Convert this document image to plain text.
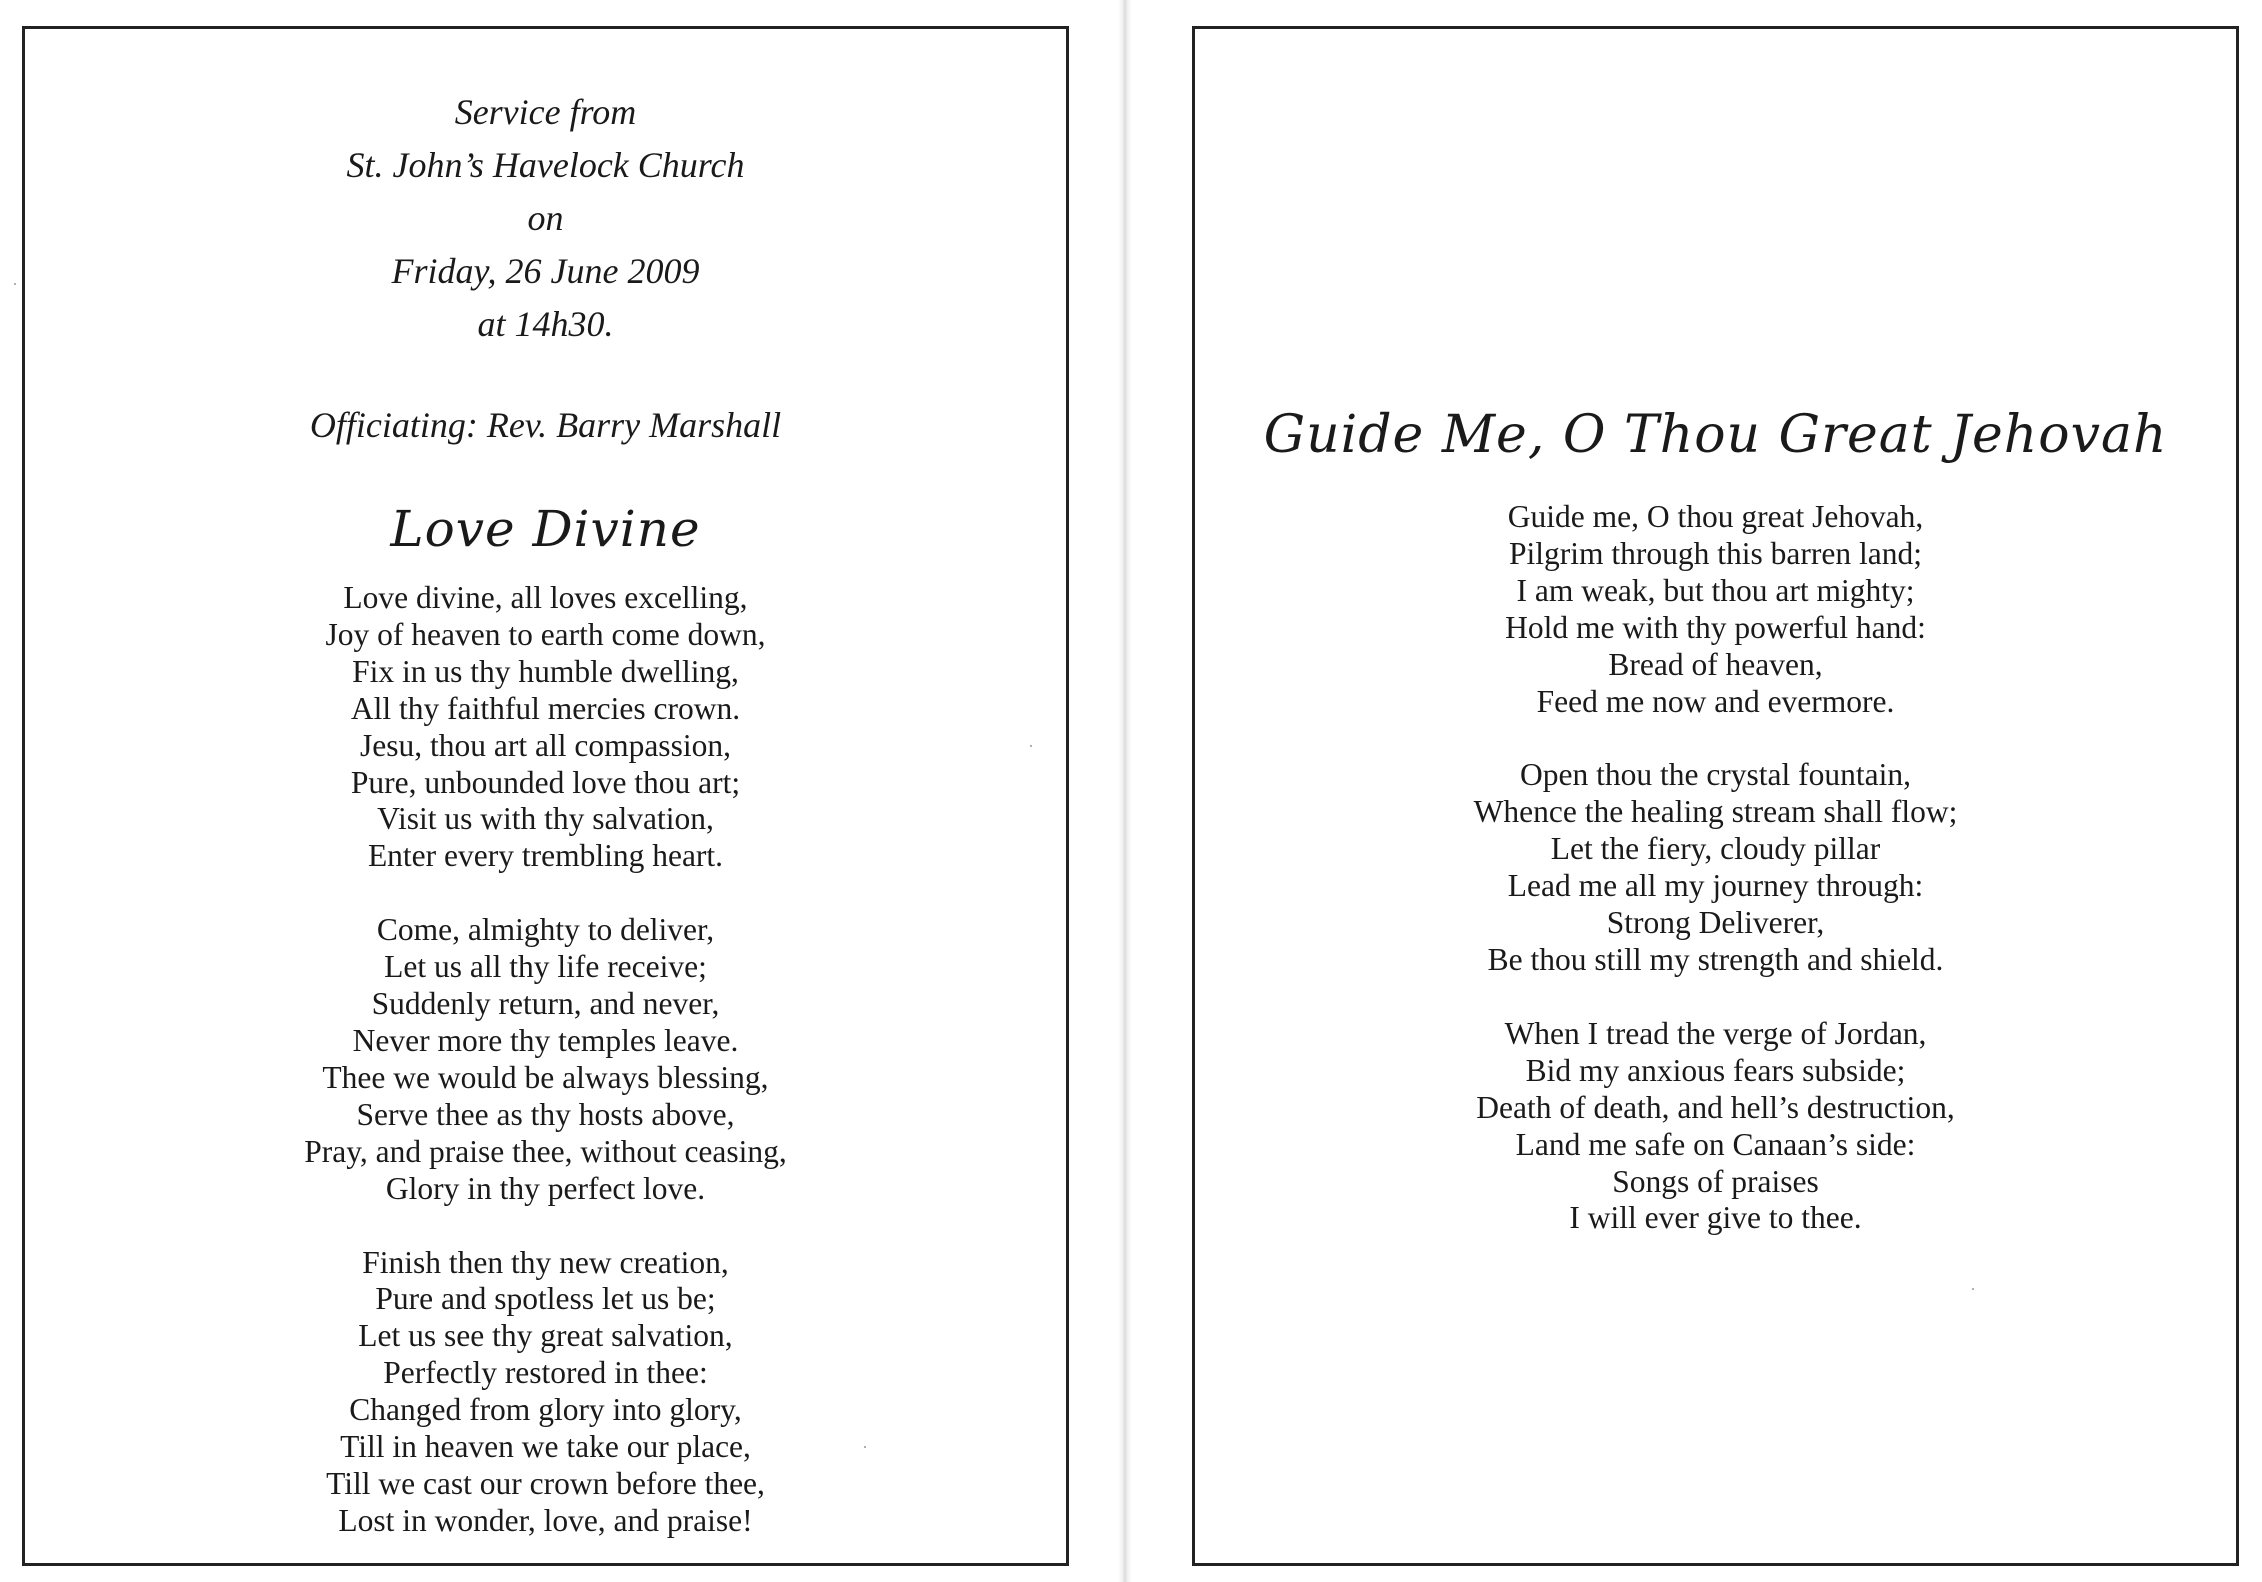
Service from
St. John’s Havelock Church
on
Friday, 26 June 2009
at 14h30.
Officiating: Rev. Barry Marshall
Love Divine
Love divine, all loves excelling,
Joy of heaven to earth come down,
Fix in us thy humble dwelling,
All thy faithful mercies crown.
Jesu, thou art all compassion,
Pure, unbounded love thou art;
Visit us with thy salvation,
Enter every trembling heart.
Come, almighty to deliver,
Let us all thy life receive;
Suddenly return, and never,
Never more thy temples leave.
Thee we would be always blessing,
Serve thee as thy hosts above,
Pray, and praise thee, without ceasing,
Glory in thy perfect love.
Finish then thy new creation,
Pure and spotless let us be;
Let us see thy great salvation,
Perfectly restored in thee:
Changed from glory into glory,
Till in heaven we take our place,
Till we cast our crown before thee,
Lost in wonder, love, and praise!
Guide Me, O Thou Great Jehovah
Guide me, O thou great Jehovah,
Pilgrim through this barren land;
I am weak, but thou art mighty;
Hold me with thy powerful hand:
Bread of heaven,
Feed me now and evermore.
Open thou the crystal fountain,
Whence the healing stream shall flow;
Let the fiery, cloudy pillar
Lead me all my journey through:
Strong Deliverer,
Be thou still my strength and shield.
When I tread the verge of Jordan,
Bid my anxious fears subside;
Death of death, and hell’s destruction,
Land me safe on Canaan’s side:
Songs of praises
I will ever give to thee.
